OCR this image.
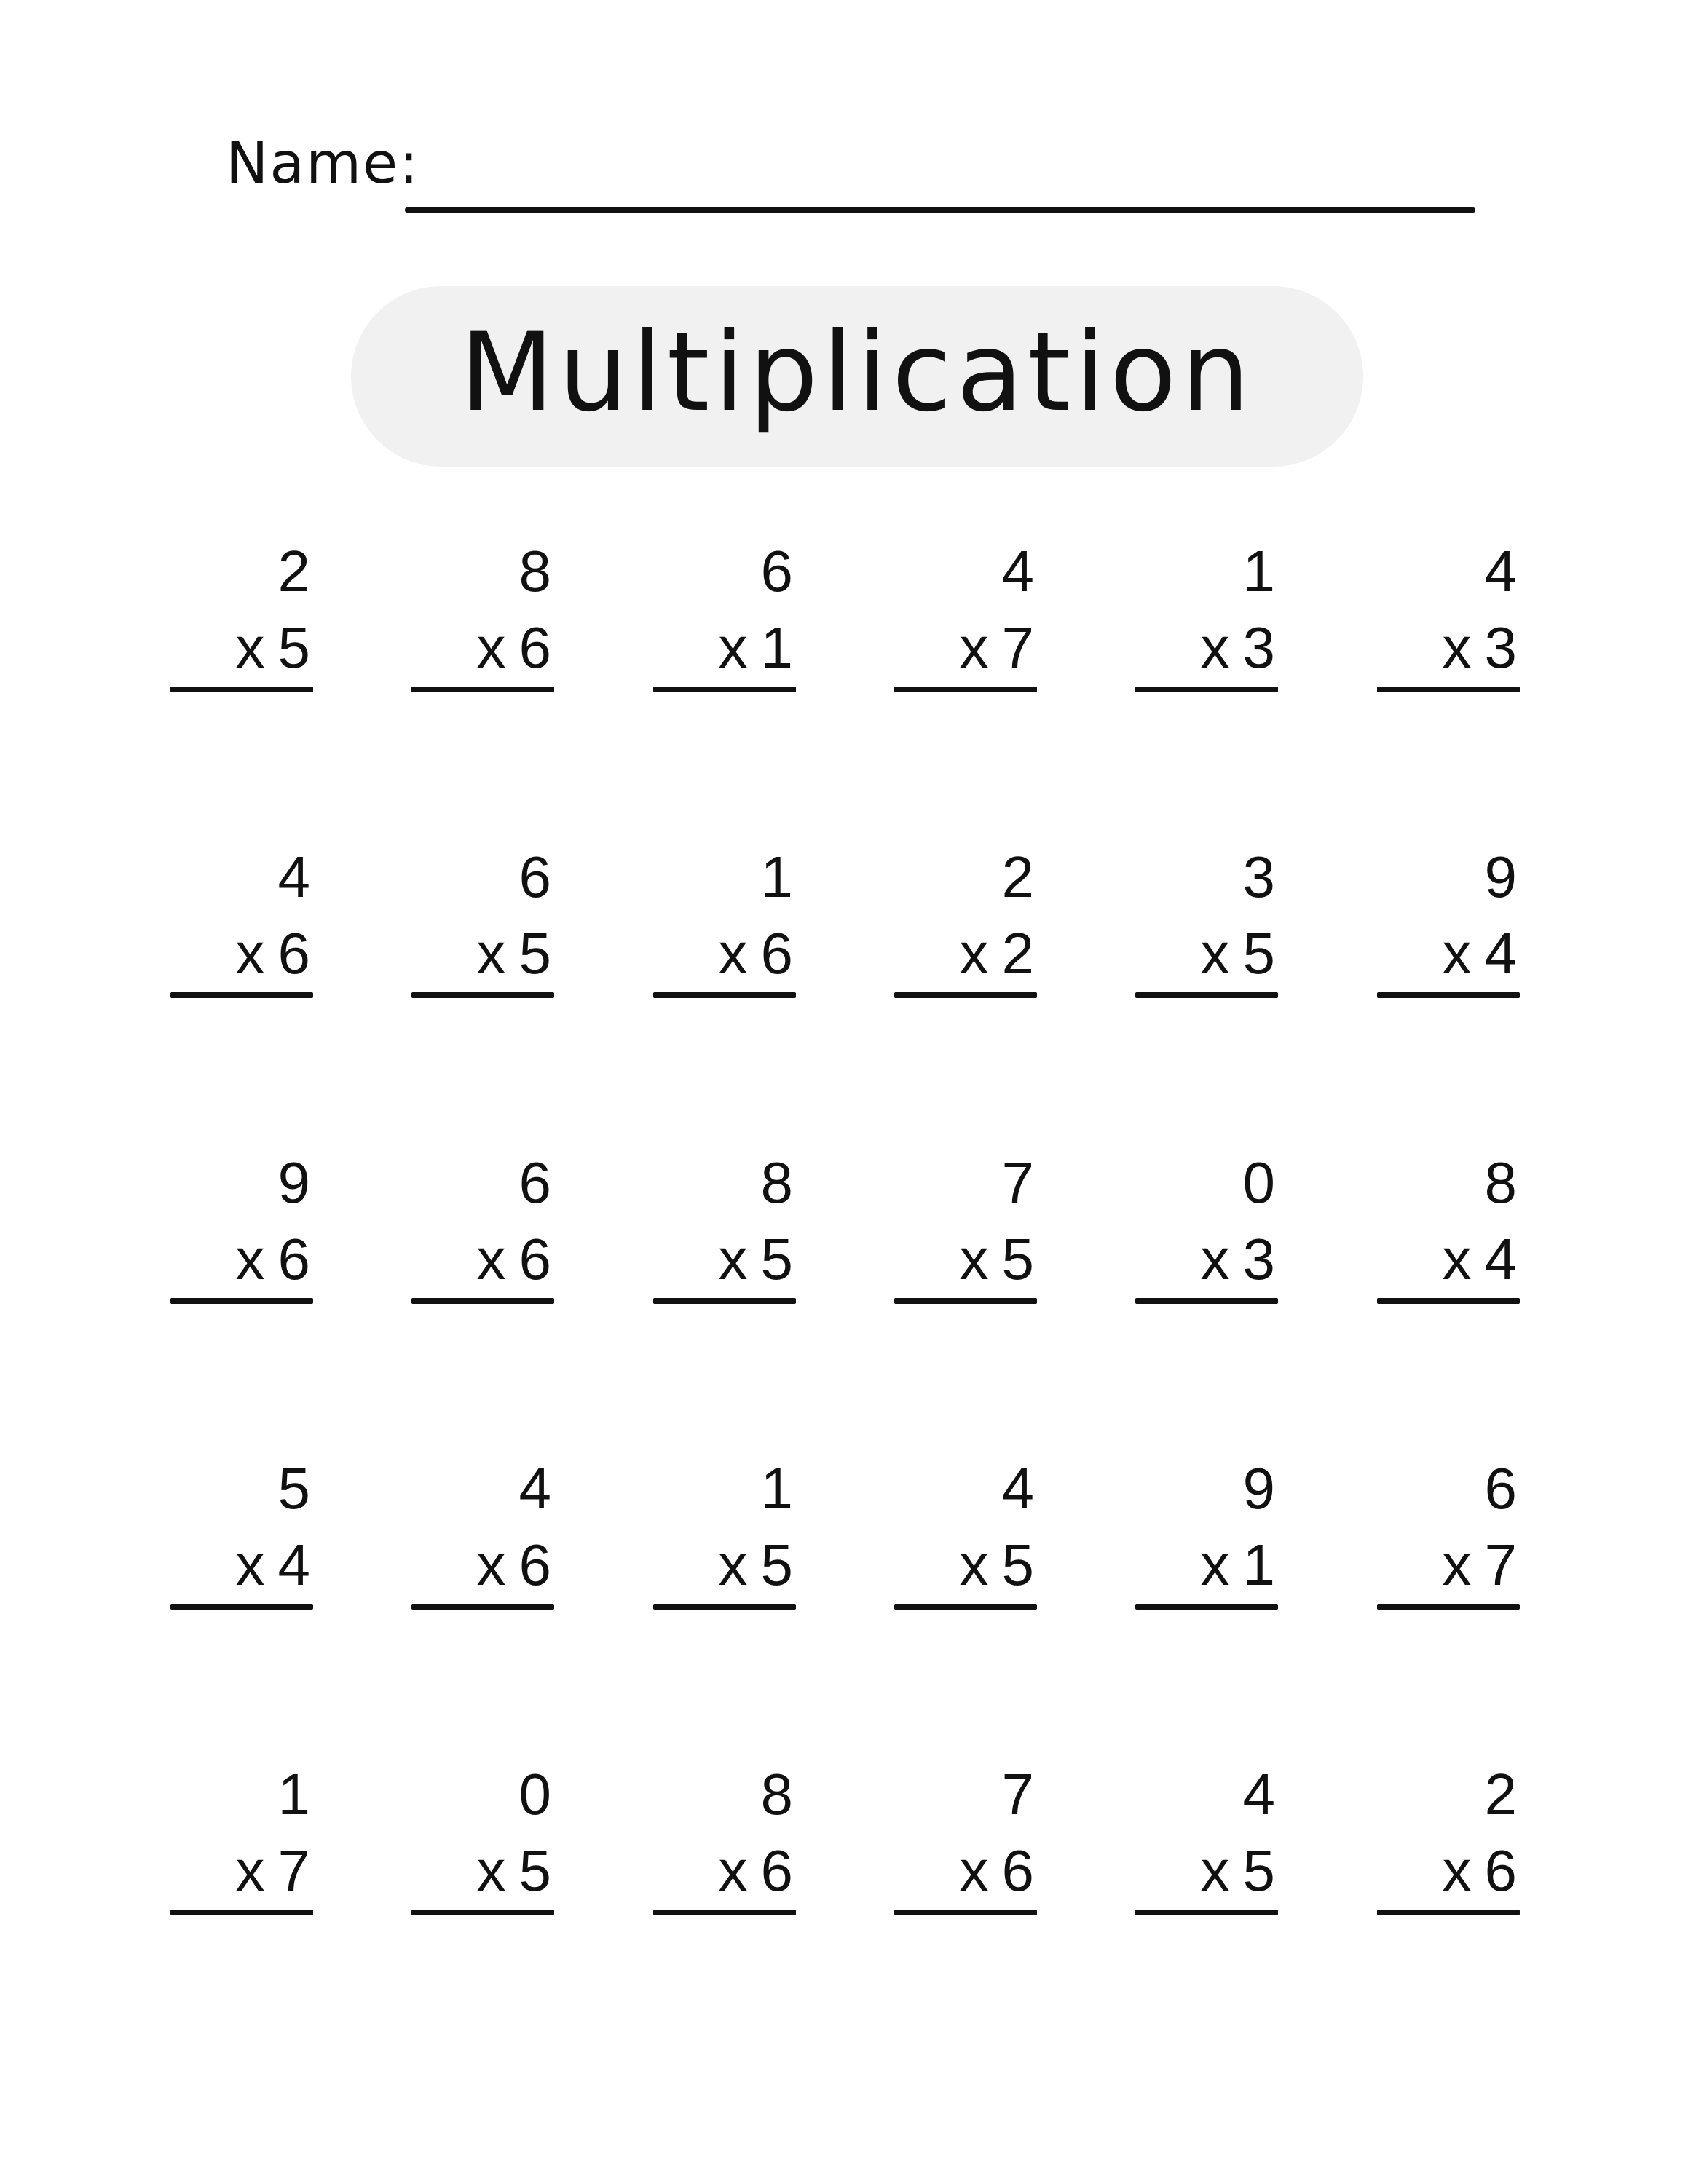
Name:
Multiplication
2
x 5
8
x 6
6
x 1
4
x 7
1
x 3
4
x 3
4
x 6
6
x 5
1
x 6
2
x 2
3
x 5
9
x 4
9
x 6
6
x 6
8
x 5
7
x 5
0
x 3
8
x 4
5
x 4
4
x 6
1
x 5
4
x 5
9
x 1
6
x 7
1
x 7
0
x 5
8
x 6
7
x 6
4
x 5
2
x 6
